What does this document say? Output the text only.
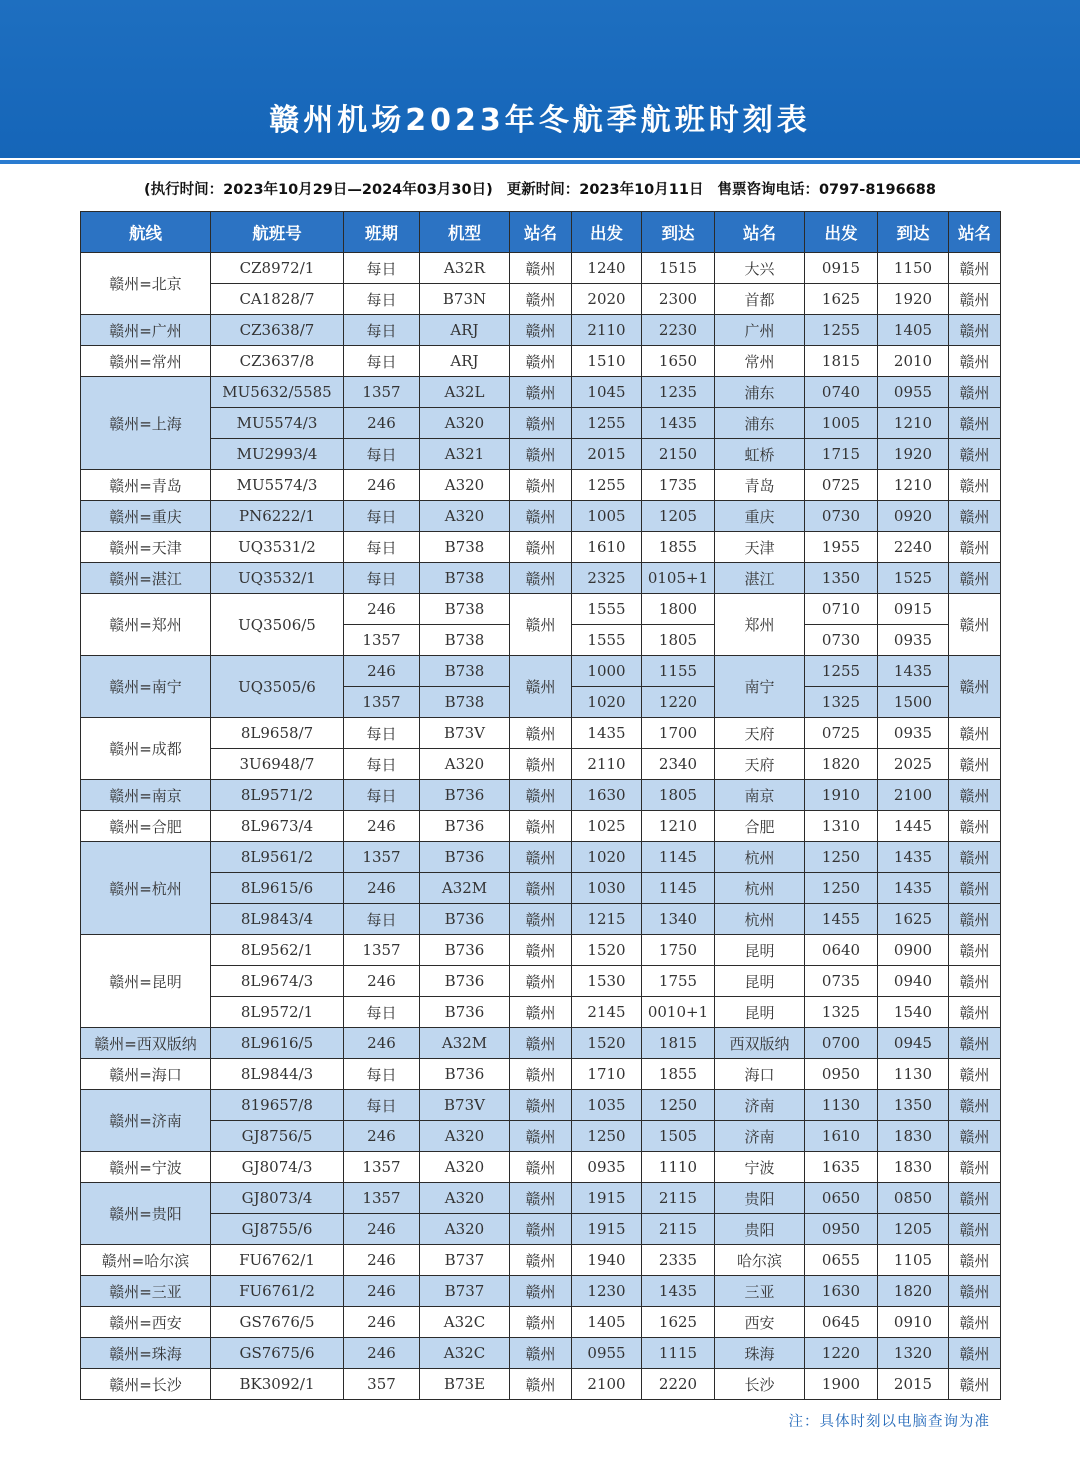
赣州机场2023年冬航季航班时刻表
(执行时间：2023年10月29日—2024年03月30日) 更新时间：2023年10月11日 售票咨询电话：0797-8196688
航线	航班号	班期	机型	站名	出发	到达	站名	出发	到达	站名
赣州=北京	CZ8972/1	每日	A32R	赣州	1240	1515	大兴	0915	1150	赣州
	CA1828/7	每日	B73N	赣州	2020	2300	首都	1625	1920	赣州
赣州=广州	CZ3638/7	每日	ARJ	赣州	2110	2230	广州	1255	1405	赣州
赣州=常州	CZ3637/8	每日	ARJ	赣州	1510	1650	常州	1815	2010	赣州
赣州=上海	MU5632/5585	1357	A32L	赣州	1045	1235	浦东	0740	0955	赣州
	MU5574/3	246	A320	赣州	1255	1435	浦东	1005	1210	赣州
	MU2993/4	每日	A321	赣州	2015	2150	虹桥	1715	1920	赣州
赣州=青岛	MU5574/3	246	A320	赣州	1255	1735	青岛	0725	1210	赣州
赣州=重庆	PN6222/1	每日	A320	赣州	1005	1205	重庆	0730	0920	赣州
赣州=天津	UQ3531/2	每日	B738	赣州	1610	1855	天津	1955	2240	赣州
赣州=湛江	UQ3532/1	每日	B738	赣州	2325	0105+1	湛江	1350	1525	赣州
赣州=郑州	UQ3506/5	246	B738	赣州	1555	1800	郑州	0710	0915	赣州
		1357	B738		1555	1805		0730	0935	
赣州=南宁	UQ3505/6	246	B738	赣州	1000	1155	南宁	1255	1435	赣州
		1357	B738		1020	1220		1325	1500	
赣州=成都	8L9658/7	每日	B73V	赣州	1435	1700	天府	0725	0935	赣州
	3U6948/7	每日	A320	赣州	2110	2340	天府	1820	2025	赣州
赣州=南京	8L9571/2	每日	B736	赣州	1630	1805	南京	1910	2100	赣州
赣州=合肥	8L9673/4	246	B736	赣州	1025	1210	合肥	1310	1445	赣州
赣州=杭州	8L9561/2	1357	B736	赣州	1020	1145	杭州	1250	1435	赣州
	8L9615/6	246	A32M	赣州	1030	1145	杭州	1250	1435	赣州
	8L9843/4	每日	B736	赣州	1215	1340	杭州	1455	1625	赣州
赣州=昆明	8L9562/1	1357	B736	赣州	1520	1750	昆明	0640	0900	赣州
	8L9674/3	246	B736	赣州	1530	1755	昆明	0735	0940	赣州
	8L9572/1	每日	B736	赣州	2145	0010+1	昆明	1325	1540	赣州
赣州=西双版纳	8L9616/5	246	A32M	赣州	1520	1815	西双版纳	0700	0945	赣州
赣州=海口	8L9844/3	每日	B736	赣州	1710	1855	海口	0950	1130	赣州
赣州=济南	819657/8	每日	B73V	赣州	1035	1250	济南	1130	1350	赣州
	GJ8756/5	246	A320	赣州	1250	1505	济南	1610	1830	赣州
赣州=宁波	GJ8074/3	1357	A320	赣州	0935	1110	宁波	1635	1830	赣州
赣州=贵阳	GJ8073/4	1357	A320	赣州	1915	2115	贵阳	0650	0850	赣州
	GJ8755/6	246	A320	赣州	1915	2115	贵阳	0950	1205	赣州
赣州=哈尔滨	FU6762/1	246	B737	赣州	1940	2335	哈尔滨	0655	1105	赣州
赣州=三亚	FU6761/2	246	B737	赣州	1230	1435	三亚	1630	1820	赣州
赣州=西安	GS7676/5	246	A32C	赣州	1405	1625	西安	0645	0910	赣州
赣州=珠海	GS7675/6	246	A32C	赣州	0955	1115	珠海	1220	1320	赣州
赣州=长沙	BK3092/1	357	B73E	赣州	2100	2220	长沙	1900	2015	赣州
注：具体时刻以电脑查询为准
